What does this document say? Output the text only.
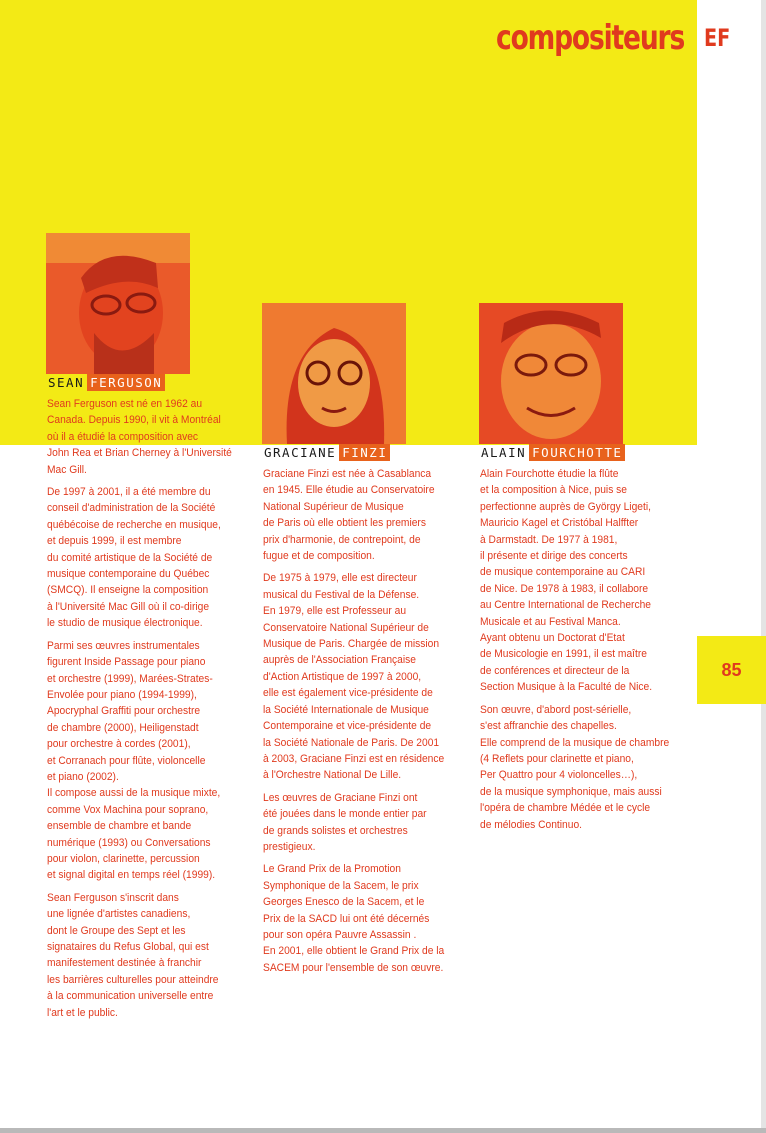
compositeurs EF
85
SEAN FERGUSON
GRACIANE FINZI	ALAIN FOURCHOTTE

Sean Ferguson est né en 1962 au
Canada. Depuis 1990, il vit à Montréal
où il a étudié la composition avec
John Rea et Brian Cherney à l'Université
Mac Gill.

De 1997 à 2001, il a été membre du
conseil d'administration de la Société
québécoise de recherche en musique,
et depuis 1999, il est membre
du comité artistique de la Société de
musique contemporaine du Québec
(SMCQ). Il enseigne la composition
à l'Université Mac Gill où il co-dirige
le studio de musique électronique.

Parmi ses œuvres instrumentales
figurent Inside Passage pour piano
et orchestre (1999), Marées-Strates-
Envolée pour piano (1994-1999),
Apocryphal Graffiti pour orchestre
de chambre (2000), Heiligenstadt
pour orchestre à cordes (2001),
et Corranach pour flûte, violoncelle
et piano (2002).
Il compose aussi de la musique mixte,
comme Vox Machina pour soprano,
ensemble de chambre et bande
numérique (1993) ou Conversations
pour violon, clarinette, percussion
et signal digital en temps réel (1999).

Sean Ferguson s'inscrit dans
une lignée d'artistes canadiens,
dont le Groupe des Sept et les
signataires du Refus Global, qui est
manifestement destinée à franchir
les barrières culturelles pour atteindre
à la communication universelle entre
l'art et le public.

Graciane Finzi est née à Casablanca
en 1945. Elle étudie au Conservatoire
National Supérieur de Musique
de Paris où elle obtient les premiers
prix d'harmonie, de contrepoint, de
fugue et de composition.

De 1975 à 1979, elle est directeur
musical du Festival de la Défense.
En 1979, elle est Professeur au
Conservatoire National Supérieur de
Musique de Paris. Chargée de mission
auprès de l'Association Française
d'Action Artistique de 1997 à 2000,
elle est également vice-présidente de
la Société Internationale de Musique
Contemporaine et vice-présidente de
la Société Nationale de Paris. De 2001
à 2003, Graciane Finzi est en résidence
à l'Orchestre National De Lille.

Les œuvres de Graciane Finzi ont
été jouées dans le monde entier par
de grands solistes et orchestres
prestigieux.

Le Grand Prix de la Promotion
Symphonique de la Sacem, le prix
Georges Enesco de la Sacem, et le
Prix de la SACD lui ont été décernés
pour son opéra Pauvre Assassin .
En 2001, elle obtient le Grand Prix de la
SACEM pour l'ensemble de son œuvre.

Alain Fourchotte étudie la flûte
et la composition à Nice, puis se
perfectionne auprès de György Ligeti,
Mauricio Kagel et Cristóbal Halffter
à Darmstadt. De 1977 à 1981,
il présente et dirige des concerts
de musique contemporaine au CARI
de Nice. De 1978 à 1983, il collabore
au Centre International de Recherche
Musicale et au Festival Manca.
Ayant obtenu un Doctorat d'Etat
de Musicologie en 1991, il est maître
de conférences et directeur de la
Section Musique à la Faculté de Nice.

Son œuvre, d'abord post-sérielle,
s'est affranchie des chapelles.
Elle comprend de la musique de chambre
(4 Reflets pour clarinette et piano,
Per Quattro pour 4 violoncelles…),
de la musique symphonique, mais aussi
l'opéra de chambre Médée et le cycle
de mélodies Continuo.
